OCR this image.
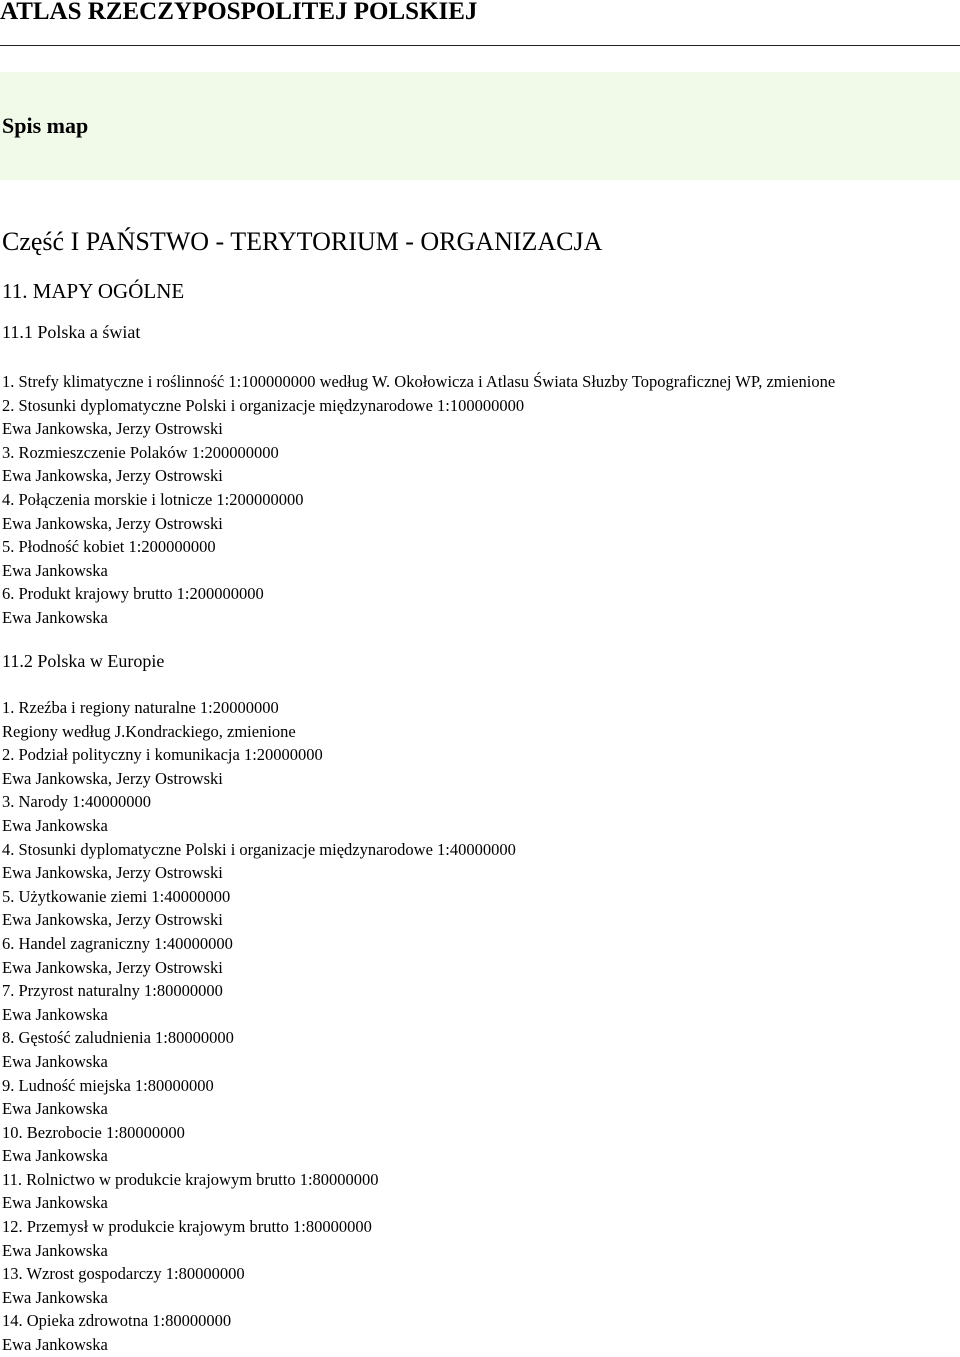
ATLAS RZECZYPOSPOLITEJ POLSKIEJ
Spis map
Część I PAŃSTWO - TERYTORIUM - ORGANIZACJA
11. MAPY OGÓLNE
11.1 Polska a świat
1. Strefy klimatyczne i roślinność 1:100000000 według W. Okołowicza i Atlasu Świata Słuzby Topograficznej WP, zmienione
2. Stosunki dyplomatyczne Polski i organizacje międzynarodowe 1:100000000
Ewa Jankowska, Jerzy Ostrowski
3. Rozmieszczenie Polaków 1:200000000
Ewa Jankowska, Jerzy Ostrowski
4. Połączenia morskie i lotnicze 1:200000000
Ewa Jankowska, Jerzy Ostrowski
5. Płodność kobiet 1:200000000
Ewa Jankowska
6. Produkt krajowy brutto 1:200000000
Ewa Jankowska
11.2 Polska w Europie
1. Rzeźba i regiony naturalne 1:20000000
Regiony według J.Kondrackiego, zmienione
2. Podział polityczny i komunikacja 1:20000000
Ewa Jankowska, Jerzy Ostrowski
3. Narody 1:40000000
Ewa Jankowska
4. Stosunki dyplomatyczne Polski i organizacje międzynarodowe 1:40000000
Ewa Jankowska, Jerzy Ostrowski
5. Użytkowanie ziemi 1:40000000
Ewa Jankowska, Jerzy Ostrowski
6. Handel zagraniczny 1:40000000
Ewa Jankowska, Jerzy Ostrowski
7. Przyrost naturalny 1:80000000
Ewa Jankowska
8. Gęstość zaludnienia 1:80000000
Ewa Jankowska
9. Ludność miejska 1:80000000
Ewa Jankowska
10. Bezrobocie 1:80000000
Ewa Jankowska
11. Rolnictwo w produkcie krajowym brutto 1:80000000
Ewa Jankowska
12. Przemysł w produkcie krajowym brutto 1:80000000
Ewa Jankowska
13. Wzrost gospodarczy 1:80000000
Ewa Jankowska
14. Opieka zdrowotna 1:80000000
Ewa Jankowska
